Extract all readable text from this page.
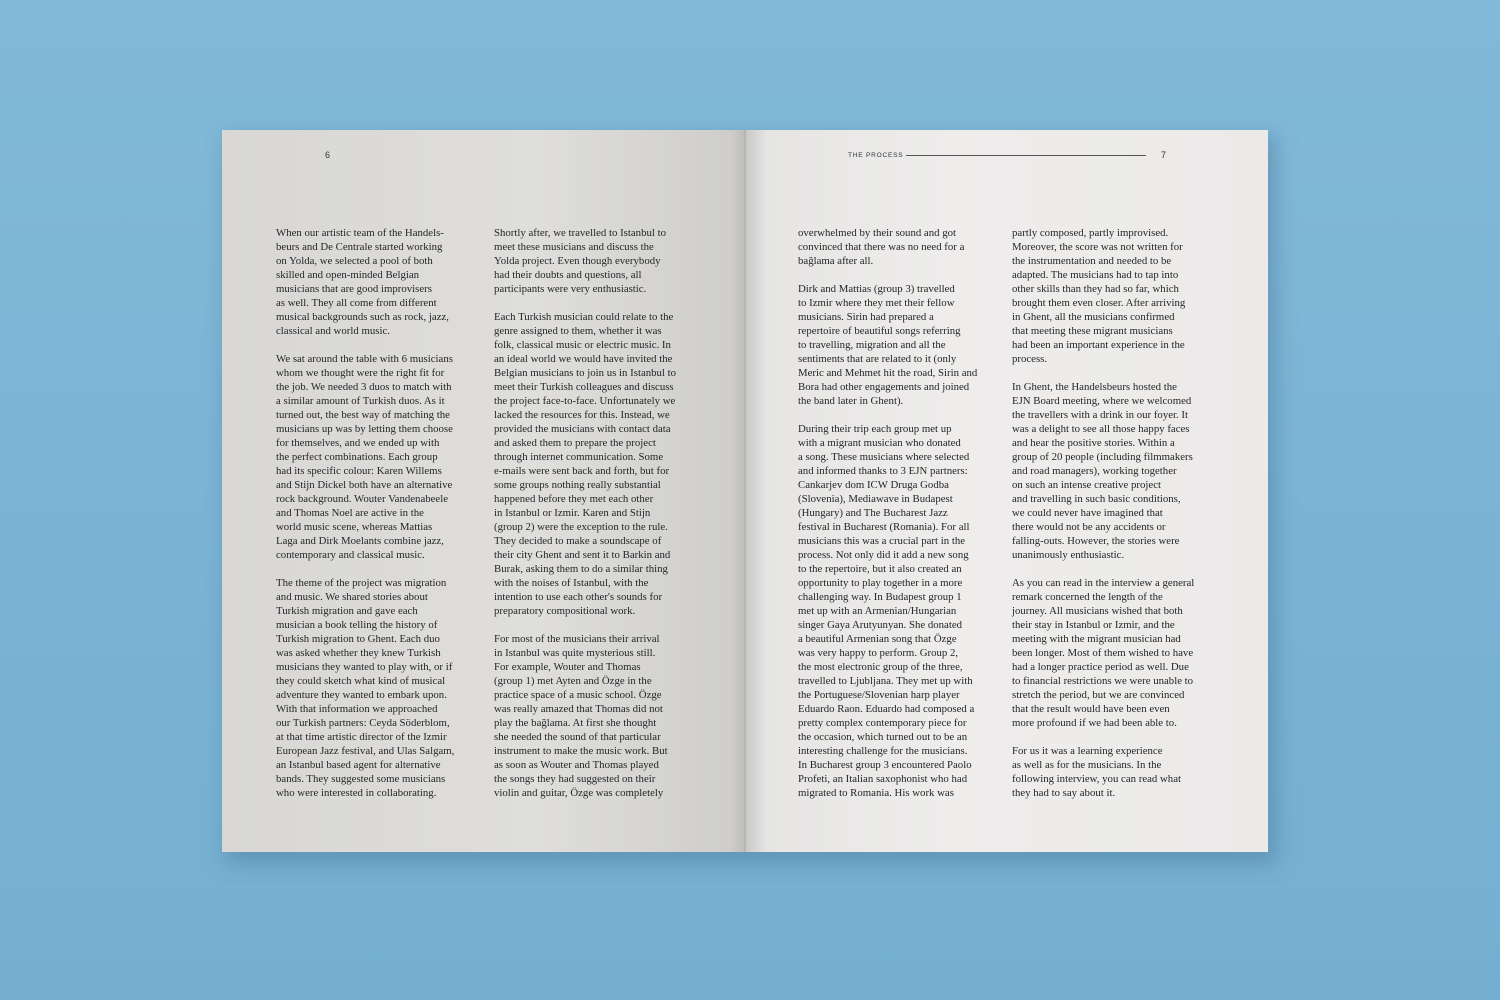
6

When our artistic team of the Handels-
beurs and De Centrale started working
on Yolda, we selected a pool of both
skilled and open-minded Belgian
musicians that are good improvisers
as well. They all come from different
musical backgrounds such as rock, jazz,
classical and world music.

We sat around the table with 6 musicians
whom we thought were the right fit for
the job. We needed 3 duos to match with
a similar amount of Turkish duos. As it
turned out, the best way of matching the
musicians up was by letting them choose
for themselves, and we ended up with
the perfect combinations. Each group
had its specific colour: Karen Willems
and Stijn Dickel both have an alternative
rock background. Wouter Vandenabeele
and Thomas Noel are active in the
world music scene, whereas Mattias
Laga and Dirk Moelants combine jazz,
contemporary and classical music.

The theme of the project was migration
and music. We shared stories about
Turkish migration and gave each
musician a book telling the history of
Turkish migration to Ghent. Each duo
was asked whether they knew Turkish
musicians they wanted to play with, or if
they could sketch what kind of musical
adventure they wanted to embark upon.
With that information we approached
our Turkish partners: Ceyda Söderblom,
at that time artistic director of the Izmir
European Jazz festival, and Ulas Salgam,
an Istanbul based agent for alternative
bands. They suggested some musicians
who were interested in collaborating.

Shortly after, we travelled to Istanbul to
meet these musicians and discuss the
Yolda project. Even though everybody
had their doubts and questions, all
participants were very enthusiastic.

Each Turkish musician could relate to the
genre assigned to them, whether it was
folk, classical music or electric music. In
an ideal world we would have invited the
Belgian musicians to join us in Istanbul to
meet their Turkish colleagues and discuss
the project face-to-face. Unfortunately we
lacked the resources for this. Instead, we
provided the musicians with contact data
and asked them to prepare the project
through internet communication. Some
e-mails were sent back and forth, but for
some groups nothing really substantial
happened before they met each other
in Istanbul or Izmir. Karen and Stijn
(group 2) were the exception to the rule.
They decided to make a soundscape of
their city Ghent and sent it to Barkin and
Burak, asking them to do a similar thing
with the noises of Istanbul, with the
intention to use each other's sounds for
preparatory compositional work.

For most of the musicians their arrival
in Istanbul was quite mysterious still.
For example, Wouter and Thomas
(group 1) met Ayten and Özge in the
practice space of a music school. Özge
was really amazed that Thomas did not
play the bağlama. At first she thought
she needed the sound of that particular
instrument to make the music work. But
as soon as Wouter and Thomas played
the songs they had suggested on their
violin and guitar, Özge was completely

THE PROCESS	7

overwhelmed by their sound and got
convinced that there was no need for a
bağlama after all.

Dirk and Mattias (group 3) travelled
to Izmir where they met their fellow
musicians. Sirin had prepared a
repertoire of beautiful songs referring
to travelling, migration and all the
sentiments that are related to it (only
Meric and Mehmet hit the road, Sirin and
Bora had other engagements and joined
the band later in Ghent).

During their trip each group met up
with a migrant musician who donated
a song. These musicians where selected
and informed thanks to 3 EJN partners:
Cankarjev dom ICW Druga Godba
(Slovenia), Mediawave in Budapest
(Hungary) and The Bucharest Jazz
festival in Bucharest (Romania). For all
musicians this was a crucial part in the
process. Not only did it add a new song
to the repertoire, but it also created an
opportunity to play together in a more
challenging way. In Budapest group 1
met up with an Armenian/Hungarian
singer Gaya Arutyunyan. She donated
a beautiful Armenian song that Özge
was very happy to perform. Group 2,
the most electronic group of the three,
travelled to Ljubljana. They met up with
the Portuguese/Slovenian harp player
Eduardo Raon. Eduardo had composed a
pretty complex contemporary piece for
the occasion, which turned out to be an
interesting challenge for the musicians.
In Bucharest group 3 encountered Paolo
Profeti, an Italian saxophonist who had
migrated to Romania. His work was

partly composed, partly improvised.
Moreover, the score was not written for
the instrumentation and needed to be
adapted. The musicians had to tap into
other skills than they had so far, which
brought them even closer. After arriving
in Ghent, all the musicians confirmed
that meeting these migrant musicians
had been an important experience in the
process.

In Ghent, the Handelsbeurs hosted the
EJN Board meeting, where we welcomed
the travellers with a drink in our foyer. It
was a delight to see all those happy faces
and hear the positive stories. Within a
group of 20 people (including filmmakers
and road managers), working together
on such an intense creative project
and travelling in such basic conditions,
we could never have imagined that
there would not be any accidents or
falling-outs. However, the stories were
unanimously enthusiastic.

As you can read in the interview a general
remark concerned the length of the
journey. All musicians wished that both
their stay in Istanbul or Izmir, and the
meeting with the migrant musician had
been longer. Most of them wished to have
had a longer practice period as well. Due
to financial restrictions we were unable to
stretch the period, but we are convinced
that the result would have been even
more profound if we had been able to.

For us it was a learning experience
as well as for the musicians. In the
following interview, you can read what
they had to say about it.
